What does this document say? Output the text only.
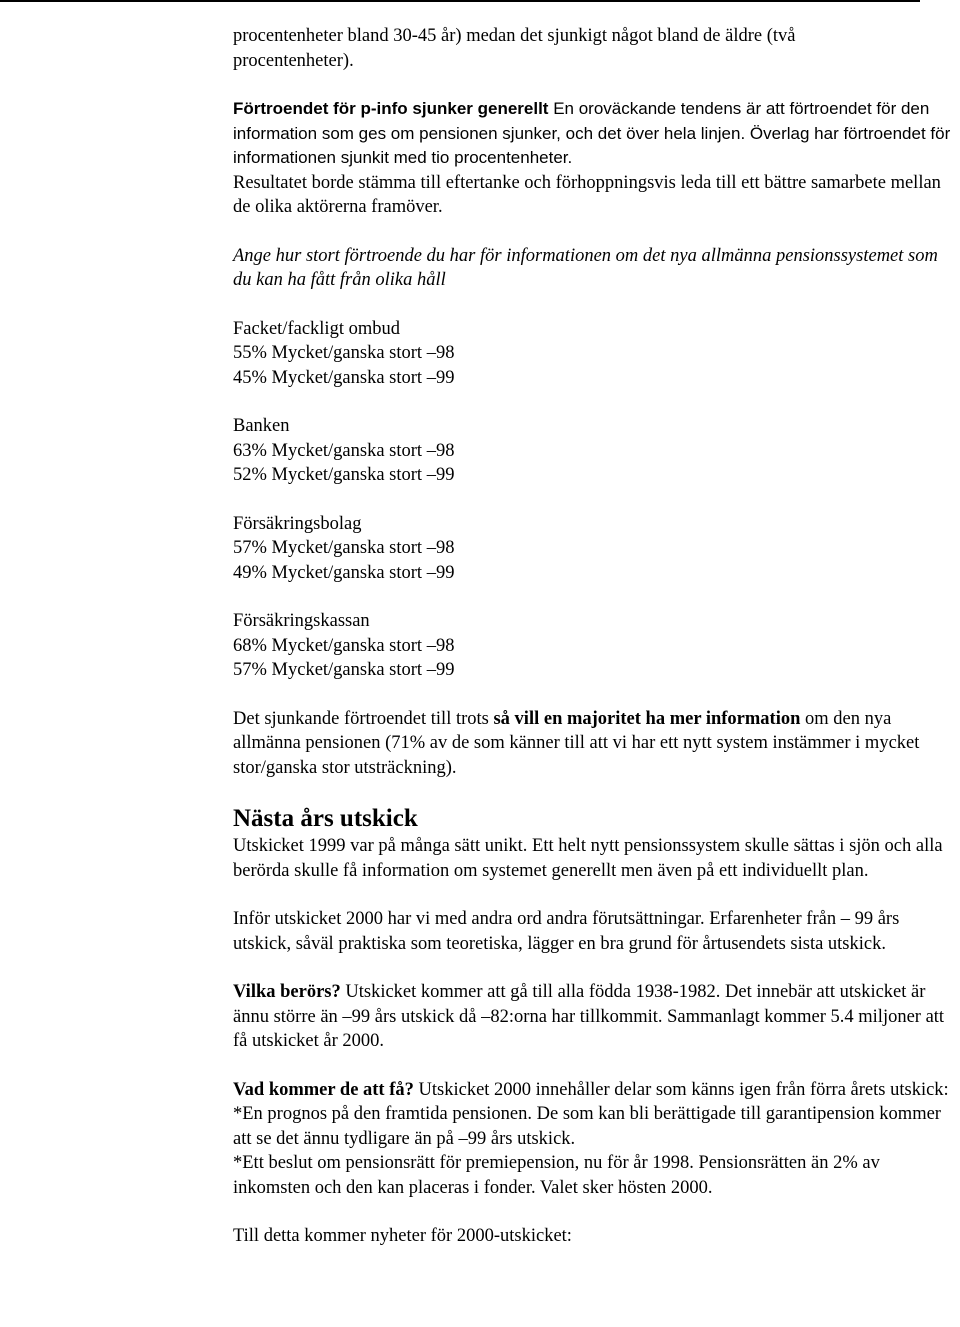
procentenheter bland 30-45 år) medan det sjunkigt något bland de äldre (två
procentenheter).

Förtroendet för p-info sjunker generellt En oroväckande tendens är att förtroendet för den information som ges om pensionen sjunker, och det över hela linjen. Överlag har förtroendet för informationen sjunkit med tio procentenheter.

Resultatet borde stämma till eftertanke och förhoppningsvis leda till ett bättre samarbete mellan de olika aktörerna framöver.

Ange hur stort förtroende du har för informationen om det nya allmänna pensionssystemet som du kan ha fått från olika håll

Facket/fackligt ombud
55% Mycket/ganska stort –98
45% Mycket/ganska stort –99
Banken
63% Mycket/ganska stort –98
52% Mycket/ganska stort –99
Försäkringsbolag
57% Mycket/ganska stort –98
49% Mycket/ganska stort –99
Försäkringskassan
68% Mycket/ganska stort –98
57% Mycket/ganska stort –99

Det sjunkande förtroendet till trots så vill en majoritet ha mer information om den nya allmänna pensionen (71% av de som känner till att vi har ett nytt system instämmer i mycket stor/ganska stor utsträckning).

Nästa års utskick

Utskicket 1999 var på många sätt unikt. Ett helt nytt pensionssystem skulle sättas i sjön och alla berörda skulle få information om systemet generellt men även på ett individuellt plan.

Inför utskicket 2000 har vi med andra ord andra förutsättningar. Erfarenheter från – 99 års utskick, såväl praktiska som teoretiska, lägger en bra grund för årtusendets sista utskick.

Vilka berörs? Utskicket kommer att gå till alla födda 1938-1982. Det innebär att utskicket är ännu större än –99 års utskick då –82:orna har tillkommit. Sammanlagt kommer 5.4 miljoner att få utskicket år 2000.

Vad kommer de att få? Utskicket 2000 innehåller delar som känns igen från förra årets utskick:

*En prognos på den framtida pensionen. De som kan bli berättigade till garantipension kommer att se det ännu tydligare än på –99 års utskick.

*Ett beslut om pensionsrätt för premiepension, nu för år 1998. Pensionsrätten än 2% av inkomsten och den kan placeras i fonder. Valet sker hösten 2000.

Till detta kommer nyheter för 2000-utskicket:
